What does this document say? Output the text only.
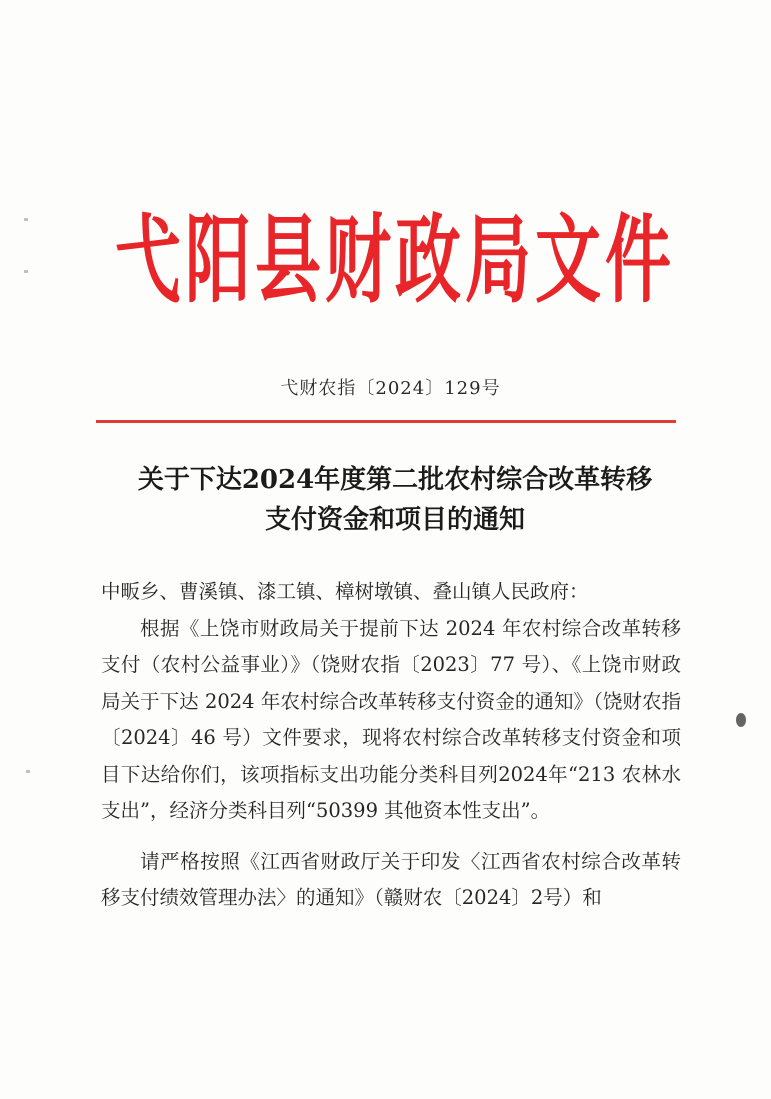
弋阳县财政局文件
弋财农指〔2024〕129号
关于下达2024年度第二批农村综合改革转移
支付资金和项目的通知

中畈乡、曹溪镇、漆工镇、樟树墩镇、叠山镇人民政府：

根据《上饶市财政局关于提前下达 2024 年农村综合改革转移支付（农村公益事业）》（饶财农指〔2023〕77 号）、《上饶市财政局关于下达 2024 年农村综合改革转移支付资金的通知》（饶财农指〔2024〕46 号）文件要求，现将农村综合改革转移支付资金和项目下达给你们，该项指标支出功能分类科目列2024年“213 农林水支出”，经济分类科目列“50399 其他资本性支出”。

请严格按照《江西省财政厅关于印发〈江西省农村综合改革转移支付绩效管理办法〉的通知》（赣财农〔2024〕2号）和
